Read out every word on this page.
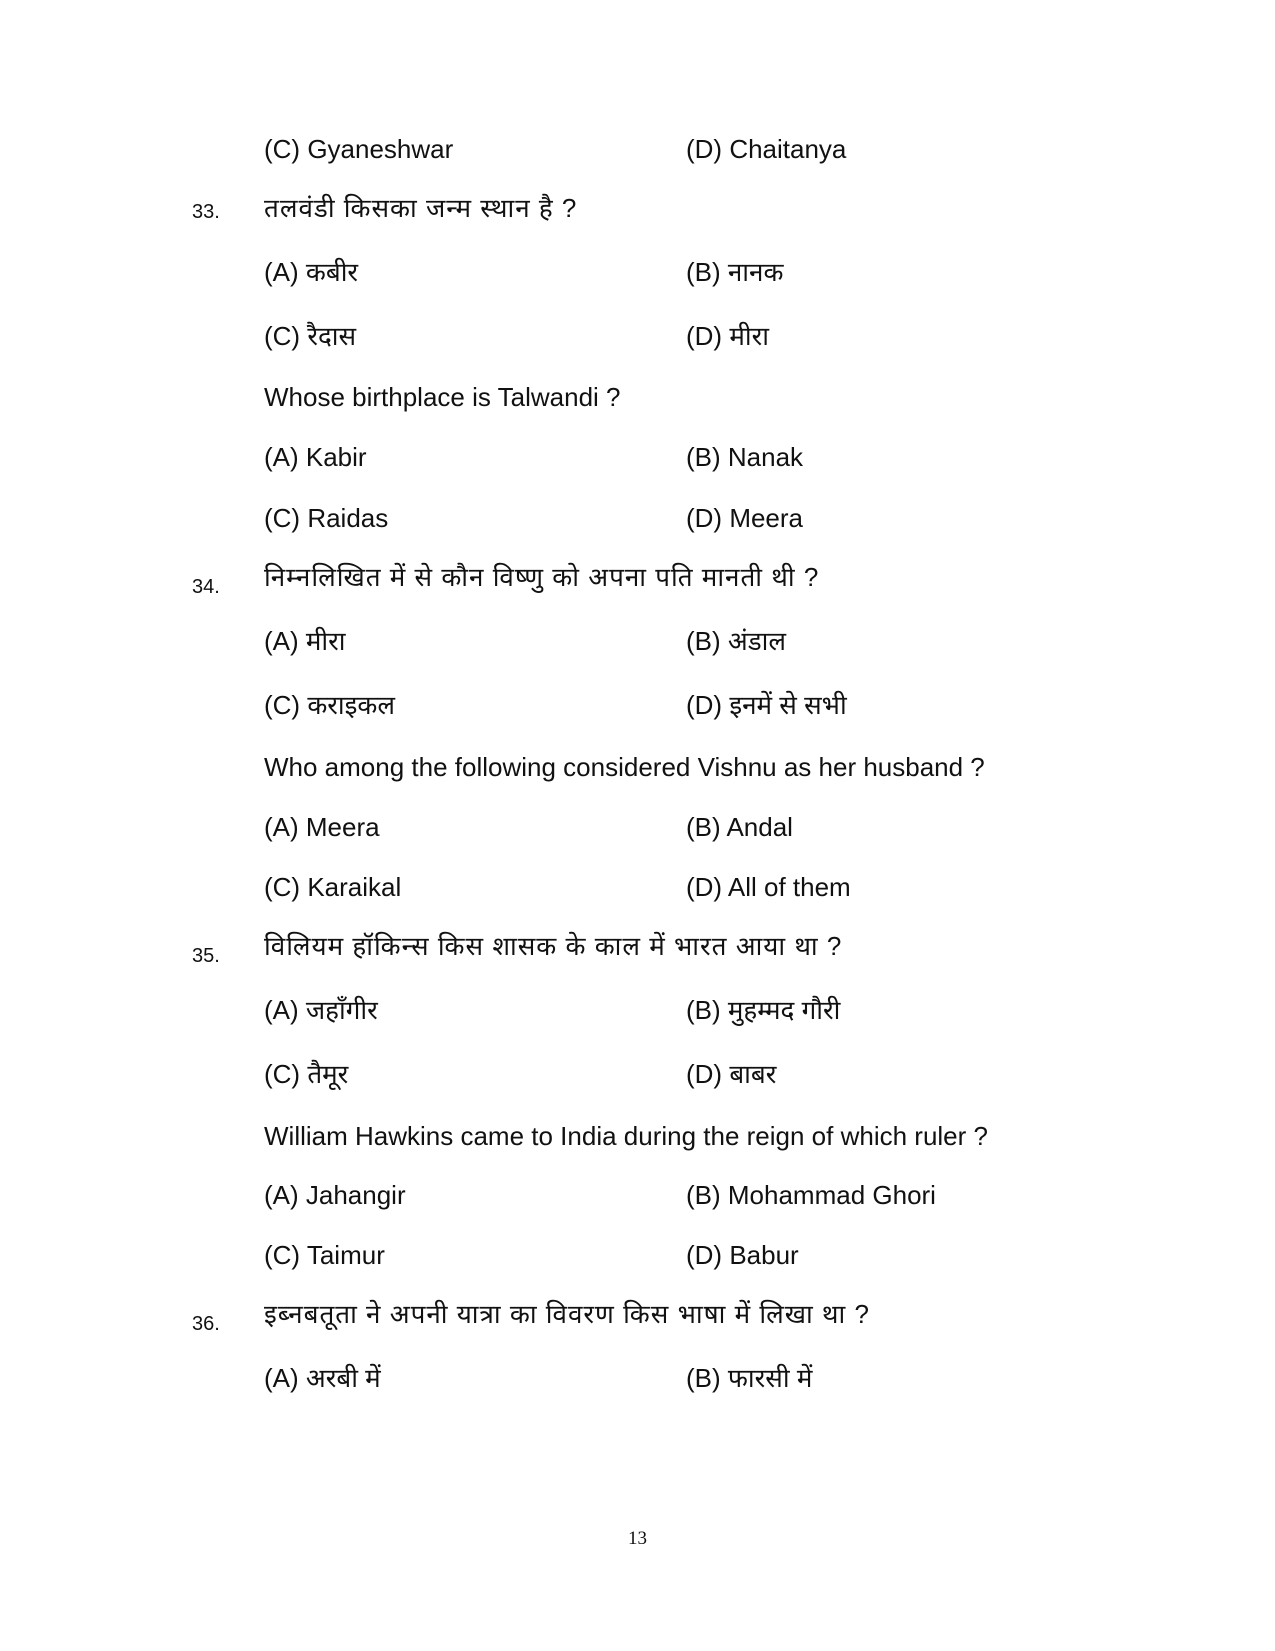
(C) Gyaneshwar	(D) Chaitanya
33. तलवंडी किसका जन्म स्थान है ?
(A) कबीर	(B) नानक
(C) रैदास	(D) मीरा
Whose birthplace is Talwandi ?
(A) Kabir	(B) Nanak
(C) Raidas	(D) Meera
34. निम्नलिखित में से कौन विष्णु को अपना पति मानती थी ?
(A) मीरा	(B) अंडाल
(C) कराइकल	(D) इनमें से सभी
Who among the following considered Vishnu as her husband ?
(A) Meera	(B) Andal
(C) Karaikal	(D) All of them
35. विलियम हॉकिन्स किस शासक के काल में भारत आया था ?
(A) जहाँगीर	(B) मुहम्मद गौरी
(C) तैमूर	(D) बाबर
William Hawkins came to India during the reign of which ruler ?
(A) Jahangir	(B) Mohammad Ghori
(C) Taimur	(D) Babur
36. इब्नबतूता ने अपनी यात्रा का विवरण किस भाषा में लिखा था ?
(A) अरबी में	(B) फारसी में
13
